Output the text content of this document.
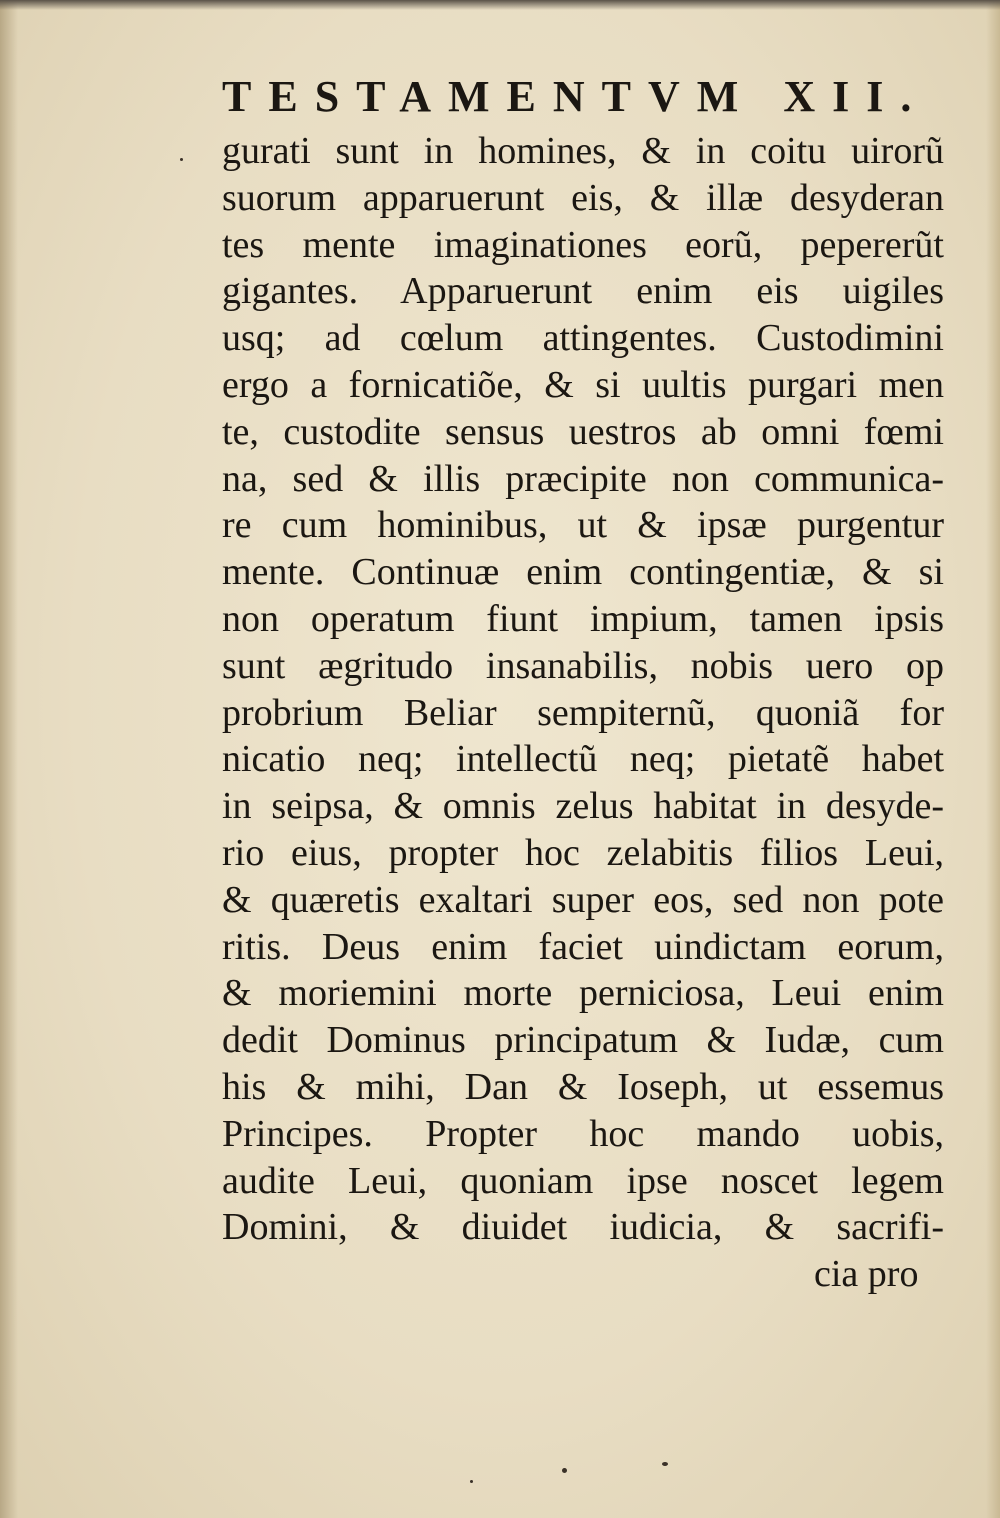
TESTAMENTVM XII.
gurati sunt in hominеs, & in coitu uirorũ
suorum apparuerunt eis, & illæ desyderan
tes mente imaginationes eorũ, pepererũt
gigantes. Apparuerunt enim eis uigiles
usq; ad cœlum attingentes. Custodimini
ergo a fornicatiõe, & si uultis purgari men
te, custodite sensus uestros ab omni fœmi
na, sed & illis præcipite non communica-
re cum hominibus, ut & ipsæ purgentur
mente. Continuæ enim contingentiæ, & si
non operatum fiunt impium, tamen ipsis
sunt ægritudo insanabilis, nobis uero op
probrium Beliar sempiternũ, quoniã for
nicatio neq; intellectũ neq; pietatẽ habet
in seipsa, & omnis zelus habitat in desyde-
rio eius, propter hoc zelabitis filios Leui,
& quæretis exaltari super eos, sed non pote
ritis. Deus enim faciet uindictam eorum,
& moriemini morte perniciosa, Leui enim
dedit Dominus principatum & Iudæ, cum
his & mihi, Dan & Ioseph, ut essemus
Principes. Propter hoc mando uobis,
audite Leui, quoniam ipse noscet legem
Domini, & diuidet iudicia, & sacrifi-
cia pro
